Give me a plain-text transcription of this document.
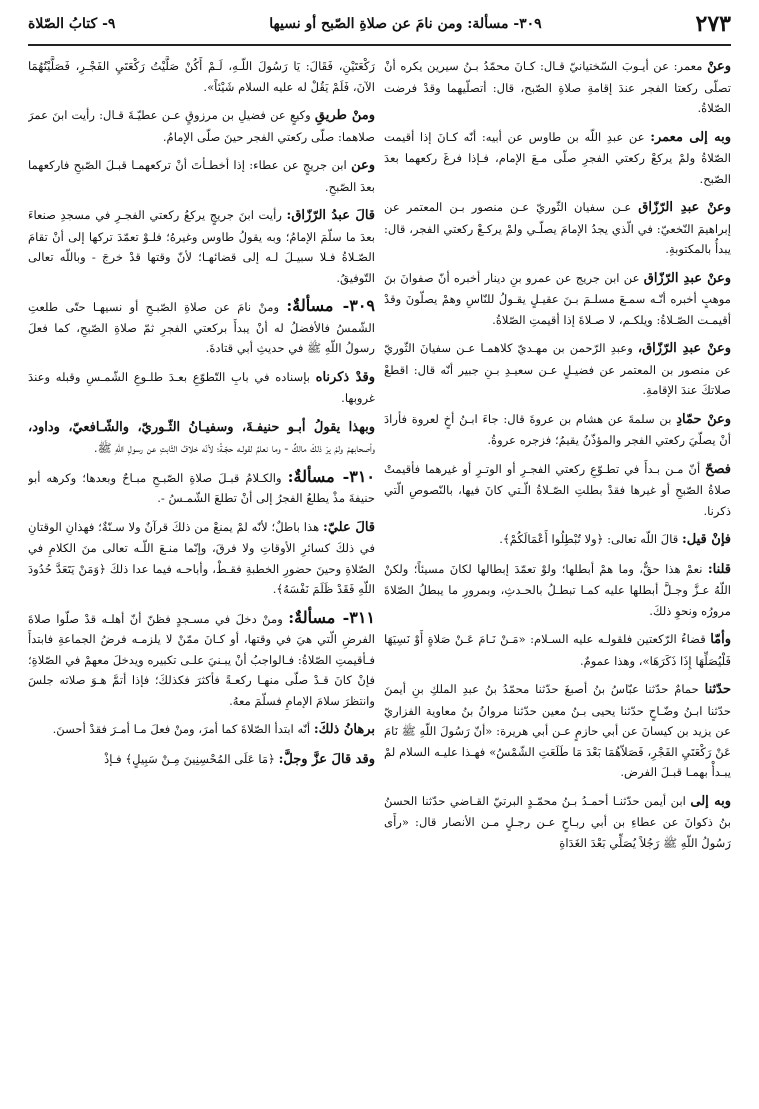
٢٧٣
٣٠٩- مسألة: ومن نامَ عن صلاةِ الصّبح أو نسيها
٩- كتابُ الصّلاة

وعنْ معمر: عن أيـوبَ السّختيانيّ قـال: كـانَ محمّدُ بـنُ سيرين يكره أنْ تصلّى ركعتا الفجر عندَ إقامةِ صلاةِ الصّبح، قال: أتصلّيهما وقدْ فرضت الصّلاةُ.

وبه إلى معمر: عن عبدِ اللّه بن طاوس عن أبيه: أنّه كـانَ إذا أقيمت الصّلاةُ ولمْ يركعْ ركعتي الفجرِ صلّى مـعَ الإمام، فـإذا فرغَ ركعهما بعدَ الصّبح.

وعنْ عبدِ الرّزّاق عـن سفيان الثّوريّ عـن منصور بـن المعتمر عن إبراهيمَ النّخعيّ: في الّذي يجدُ الإمامَ يصلّـي ولمْ يركـعْ ركعتي الفجر، قال: يبدأُ بالمكتوبةِ.

وعنْ عبدِ الرّزّاق عن ابن جريج عن عمرو بنِ دينار أخبره أنّ صفوانَ بنَ موهبٍ أخبره أنّـه سمـعَ مسلـمَ بـنَ عقيـلٍ يقـولُ للنّاسِ وهمْ يصلّونَ وقدْ أقيمـت الصّـلاةُ: ويلكـم، لا صـلاةَ إذا أقيمتِ الصّلاةُ.

وعنْ عبدِ الرّزّاق، وعبدِ الرّحمن بن مهـديّ كلاهمـا عـن سفيانَ الثّوريّ عن منصور بن المعتمر عن فضيـلٍ عـن سعيـدِ بـنِ جبير أنّه قال: اقطعْ صلاتكَ عندَ الإقامةِ.

وعنْ حمّادِ بن سلمةَ عن هشام بن عروةَ قال: جاءَ ابـنُ أخٍ لعروة فأرادَ أنْ يصلّيَ ركعتي الفجر والمؤذّنُ يقيمُ؛ فزجره عروةُ.

فصحّ أنّ مـن بـدأَ في تطـوّعِ ركعتي الفجـرِ أو الوتـرِ أو غيرهما فأقيمتْ صلاةُ الصّبحِ أو غيرها فقدْ بطلتِ الصّـلاةُ الّـتي كانَ فيها، بالنّصوصِ الّتي ذكرنا.

فإنْ قيل: قالَ اللّه تعالى: ﴿ولا تُبْطِلُوا أَعْمَالَكُمْ﴾.

قلنا: نعمْ هذا حقٌّ، وما همْ أبطلها؛ ولوْ تعمّدَ إبطالها لكانَ مسيئاً؛ ولكنْ اللّهُ عـزَّ وجـلَّ أبطلها عليه كمـا تبطـلُ بالحـدثِ، وبمرورِ ما يبطلُ الصّلاةَ مرورُه ونحوِ ذلكَ.

وأمّا قضاءُ الرّكعتين فلقولـه عليه السـلام: «مَـنْ نَـامَ عَـنْ صَلاةٍ أَوْ نَسِيَهَا فَلْيُصَلِّهَا إِذَا ذَكَرَهَا»، وهذا عمومٌ.

حدّثنا حمامٌ حدّثنا عبّاسُ بنُ أصبغَ حدّثنا محمّدُ بنُ عبدِ الملكِ بنِ أيمنَ حدّثنا ابـنُ وضّـاحٍ حدّثنا يحيى بـنُ معين حدّثنا مروانُ بنُ معاوية الفزاريّ عن يزيد بن كيسانَ عن أبي حازمٍ عـن أبي هريرة: «أنّ رَسُولَ اللّهِ ﷺ نَامَ عَنْ رَكْعَتَيِ الفَجْرِ، فَصَلاّهُمَا بَعْدَ مَا طَلَعَتِ الشّمْسُ» فهـذا عليـه السلام لمْ يبـدأْ بهمـا قبـلَ الفرض.

وبه إلى ابن أيمن حدّثنـا أحمـدُ بـنُ محمّـدٍ البرتيّ القـاضي حدّثنا الحسنُ بنُ ذكوانَ عن عطاءِ بن أبي ربـاحٍ عـن رجـلٍ مـن الأنصار قال: «رأَى رَسُولُ اللّهِ ﷺ رَجُلاً يُصَلِّي بَعْدَ الغَدَاةِ

رَكْعَتَيْنِ، فَقَالَ: يَا رَسُولَ اللّـهِ، لَـمْ أَكُنْ صَلَّيْتُ رَكْعَتَيِ الفَجْـرِ، فَصَلَّيْتُهُمَا الآنَ، فَلَمْ يَقُلْ له عليه السلام شَيْئاً».

ومنْ طريقِ وكيعٍ عن فضيلِ بن مرزوقٍ عـن عطيّـةَ قـال: رأيت ابنَ عمرَ صلاهما: صلّى ركعتي الفجر حينَ صلّى الإمامُ.

وعن ابن جريجٍ عن عطاء: إذا أخطـأتَ أنْ تركعهمـا قبـلَ الصّبحِ فاركعهما بعدَ الصّبحِ.

قالَ عبدُ الرّزّاق: رأيت ابنَ جريجٍ يركعُ ركعتي الفجـرِ في مسجدِ صنعاءَ بعدَ ما سلّمَ الإمامُ؛ وبه يقولُ طاوس وغيرهُ؛ فلـوْ تعمّدَ تركها إلى أنْ تقامَ الصّـلاةُ فـلا سبيـلَ لـه إلى قضائهـا؛ لأنّ وقتها قدْ خرجَ - وباللّه تعالى التّوفيقُ.

٣٠٩- مسألةٌ: ومنْ نامَ عن صلاةِ الصّبـحِ أو نسيهـا حتّى طلعتِ الشّمسُ فالأفضلُ له أنْ يبدأَ بركعتي الفجرِ ثمّ صلاةِ الصّبحِ، كما فعلَ رسولُ اللّهِ ﷺ في حديثِ أبي قتادةَ.

وقدْ ذكرناه بإسناده في بابِ التّطوّعِ بعـدَ طلـوعِ الشّمـسِ وقبله وعندَ غروبها.

وبهذا يقولُ أبـو حنيفـةَ، وسفيـانُ الثّـوريّ، والشّـافعيّ، وداود، وأصحابهمْ ولمْ يرَ ذلكَ مالكٌ - وما نعلمُ لقولـه حجّـةً؛ لأنّه خلافُ الثّابتِ عن رسولِ اللّهِ ﷺ.

٣١٠- مسألةٌ: والكـلامُ قبـلَ صلاةِ الصّبـحِ مبـاحٌ وبعدها؛ وكرهه أبو حنيفةَ مذْ يطلعُ الفجرُ إلى أنْ تطلعَ الشّمـسُ -.

قالَ عليّ: هذا باطلٌ؛ لأنّه لمْ يمنعْ من ذلكَ قرآنٌ ولا سـنّةٌ؛ فهذانِ الوقتانِ في ذلكَ كسائرِ الأوقاتِ ولا فرقَ، وإنّما منـعَ اللّـه تعالى منَ الكلامِ في الصّلاةِ وحينَ حضورِ الخطبةِ فقـطْ، وأباحـه فيما عدا ذلكَ ﴿وَمَنْ يَتَعَدَّ حُدُودَ اللّهِ فَقَدْ ظَلَمَ نَفْسَهُ﴾.

٣١١- مسألةٌ: ومنْ دخلَ في مسـجدٍ فظنّ أنّ أهلـه قدْ صلّوا صلاةَ الفرضِ الّتي هيَ في وقتها، أو كـانَ ممّنْ لا يلزمـه فرضُ الجماعةِ فابتدأَ فـأقيمتِ الصّلاةُ: فـالواجبُ أنْ يبـنيَ علـى تكبيره ويدخلَ معهمْ في الصّلاةِ؛ فإنْ كانَ قـدْ صلّى منهـا ركعـةً فأكثرَ فكذلكَ؛ فإذا أتمَّ هـوَ صلاته جلسَ وانتظرَ سلامَ الإمامِ فسلّمَ معهُ.

برهانُ ذلكَ: أنّه ابتدأ الصّلاةَ كما أمرَ، ومنْ فعلَ مـا أمـرَ فقدْ أحسنَ.

وقد قالَ عزَّ وجلَّ: ﴿مَا عَلَى المُحْسِنِينَ مِـنْ سَبِيلٍ﴾ فـإذْ
